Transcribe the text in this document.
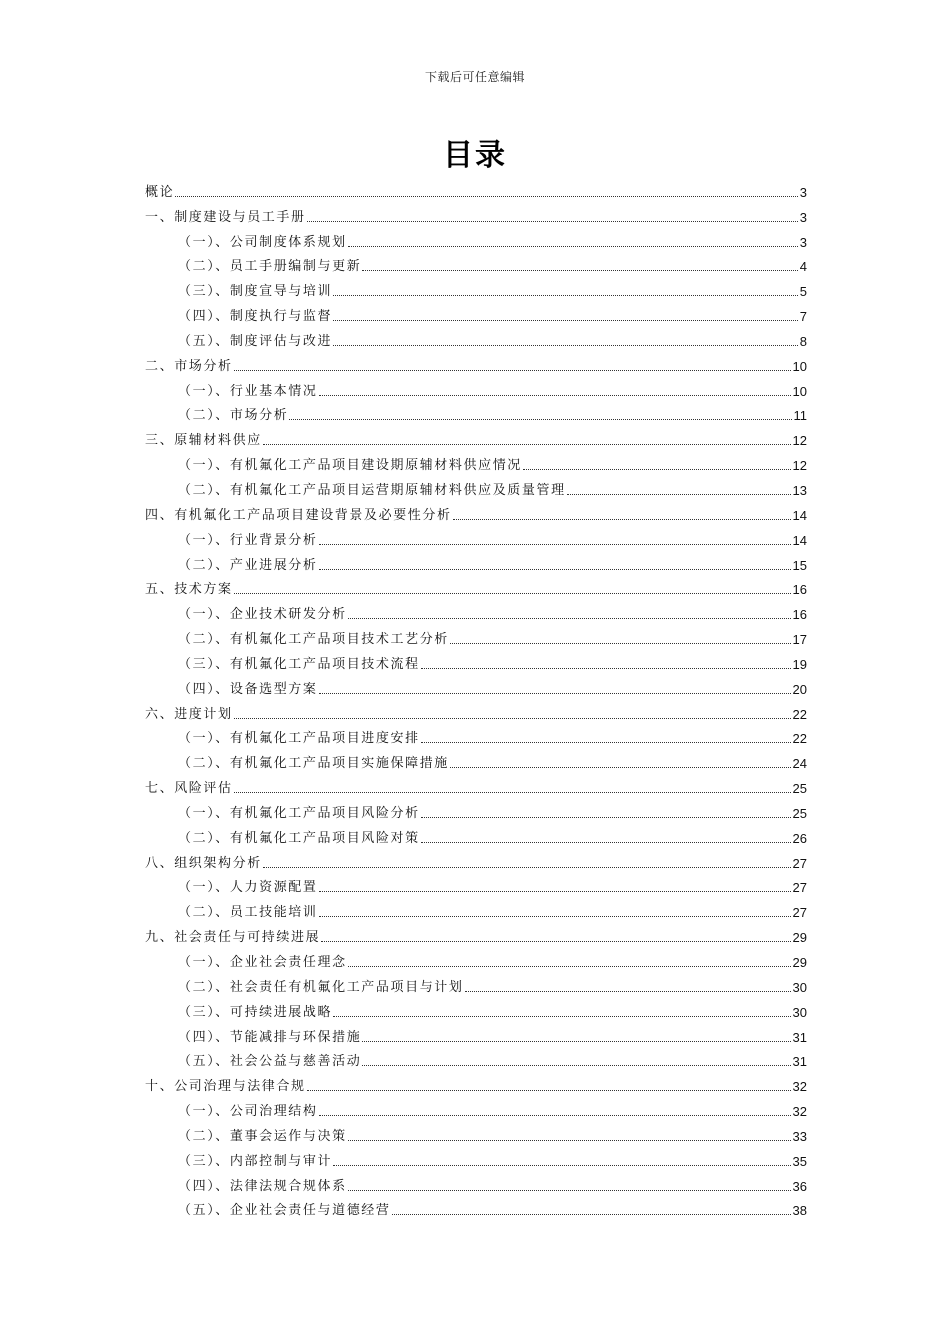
下载后可任意编辑
目录
概论	3
一、制度建设与员工手册	3
（一）、公司制度体系规划	3
（二）、员工手册编制与更新	4
（三）、制度宣导与培训	5
（四）、制度执行与监督	7
（五）、制度评估与改进	8
二、市场分析	10
（一）、行业基本情况	10
（二）、市场分析	11
三、原辅材料供应	12
（一）、有机氟化工产品项目建设期原辅材料供应情况	12
（二）、有机氟化工产品项目运营期原辅材料供应及质量管理	13
四、有机氟化工产品项目建设背景及必要性分析	14
（一）、行业背景分析	14
（二）、产业进展分析	15
五、技术方案	16
（一）、企业技术研发分析	16
（二）、有机氟化工产品项目技术工艺分析	17
（三）、有机氟化工产品项目技术流程	19
（四）、设备选型方案	20
六、进度计划	22
（一）、有机氟化工产品项目进度安排	22
（二）、有机氟化工产品项目实施保障措施	24
七、风险评估	25
（一）、有机氟化工产品项目风险分析	25
（二）、有机氟化工产品项目风险对策	26
八、组织架构分析	27
（一）、人力资源配置	27
（二）、员工技能培训	27
九、社会责任与可持续进展	29
（一）、企业社会责任理念	29
（二）、社会责任有机氟化工产品项目与计划	30
（三）、可持续进展战略	30
（四）、节能减排与环保措施	31
（五）、社会公益与慈善活动	31
十、公司治理与法律合规	32
（一）、公司治理结构	32
（二）、董事会运作与决策	33
（三）、内部控制与审计	35
（四）、法律法规合规体系	36
（五）、企业社会责任与道德经营	38
